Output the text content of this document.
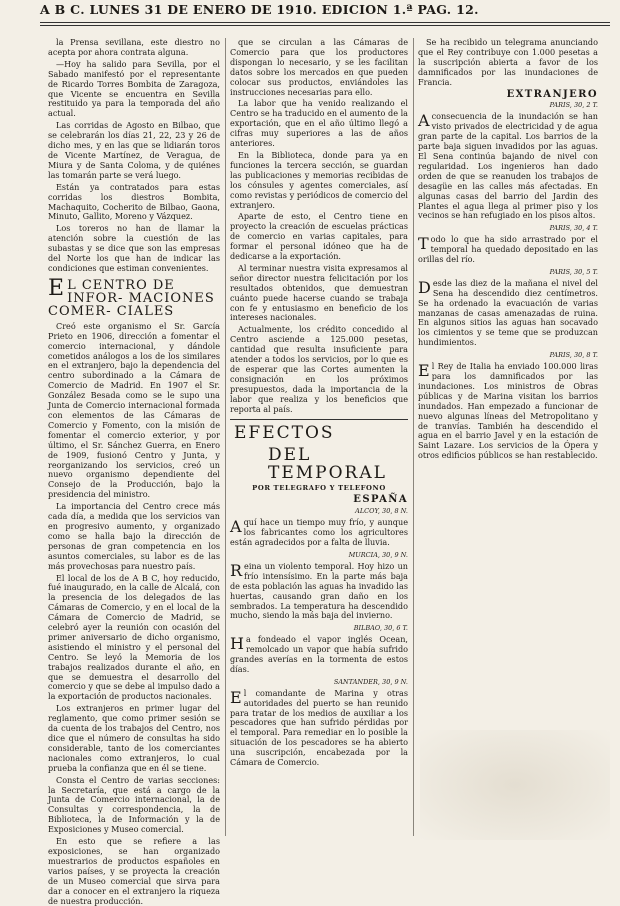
A B C. LUNES 31 DE ENERO DE 1910. EDICION 1.ª PAG. 12.

la Prensa sevillana, este diestro no acepta por ahora contrata alguna.

—Hoy ha salido para Sevilla, por el Sabado manifestó por el representante de Ricardo Torres Bombita de Zaragoza, que Vicente se encuentra en Sevilla restituido ya para la temporada del año actual.

Las corridas de Agosto en Bilbao, que se celebrarán los días 21, 22, 23 y 26 de dicho mes, y en las que se lidiarán toros de Vicente Martínez, de Veragua, de Miura y de Santa Coloma, y de quiénes las tomarán parte se verá luego.

Están ya contratados para estas corridas los diestros Bombita, Machaquito, Cocherito de Bilbao, Gaona, Minuto, Gallito, Moreno y Vázquez.

Los toreros no han de llamar la atención sobre la cuestión de las subastas y se dice que son las empresas del Norte los que han de indicar las condiciones que estiman convenientes.

E L CENTRO DE INFOR- MACIONES COMER- CIALES

Creó este organismo el Sr. García Prieto en 1906, dirección a fomentar el comercio internacional, y dándole cometidos análogos a los de los similares en el extranjero, bajo la dependencia del centro subordinado a la Cámara de Comercio de Madrid. En 1907 el Sr. González Besada como se le supo una Junta de Comercio internacional formada con elementos de las Cámaras de Comercio y Fomento, con la misión de fomentar el comercio exterior, y por último, el Sr. Sánchez Guerra, en Enero de 1909, fusionó Centro y Junta, y reorganizando los servicios, creó un nuevo organismo dependiente del Consejo de la Producción, bajo la presidencia del ministro.

La importancia del Centro crece más cada día, a medida que los servicios van en progresivo aumento, y organizado como se halla bajo la dirección de personas de gran competencia en los asuntos comerciales, su labor es de las más provechosas para nuestro país.

El local de los de A B C, hoy reducido, fué inaugurado, en la calle de Alcalá, con la presencia de los delegados de las Cámaras de Comercio, y en el local de la Cámara de Comercio de Madrid, se celebró ayer la reunión con ocasión del primer aniversario de dicho organismo, asistiendo el ministro y el personal del Centro. Se leyó la Memoria de los trabajos realizados durante el año, en que se demuestra el desarrollo del comercio y que se debe al impulso dado a la exportación de productos nacionales.

Los extranjeros en primer lugar del reglamento, que como primer sesión se da cuenta de los trabajos del Centro, nos dice que el número de consultas ha sido considerable, tanto de los comerciantes nacionales como extranjeros, lo cual prueba la confianza que en él se tiene.

Consta el Centro de varias secciones: la Secretaría, que está a cargo de la Junta de Comercio internacional, la de Consultas y correspondencia, la de Biblioteca, la de Información y la de Exposiciones y Museo comercial.

En esto que se refiere a las exposiciones, se han organizado muestrarios de productos españoles en varios países, y se proyecta la creación de un Museo comercial que sirva para dar a conocer en el extranjero la riqueza de nuestra producción.

que se circulan a las Cámaras de Comercio para que los productores dispongan lo necesario, y se les facilitan datos sobre los mercados en que pueden colocar sus productos, enviándoles las instrucciones necesarias para ello.

La labor que ha venido realizando el Centro se ha traducido en el aumento de la exportación, que en el año último llegó a cifras muy superiores a las de años anteriores.

En la Biblioteca, donde para ya en funciones la tercera sección, se guardan las publicaciones y memorias recibidas de los cónsules y agentes comerciales, así como revistas y periódicos de comercio del extranjero.

Aparte de esto, el Centro tiene en proyecto la creación de escuelas prácticas de comercio en varias capitales, para formar el personal idóneo que ha de dedicarse a la exportación.

Al terminar nuestra visita expresamos al señor director nuestra felicitación por los resultados obtenidos, que demuestran cuánto puede hacerse cuando se trabaja con fe y entusiasmo en beneficio de los intereses nacionales.

Actualmente, los crédito concedido al Centro asciende a 125.000 pesetas, cantidad que resulta insuficiente para atender a todos los servicios, por lo que es de esperar que las Cortes aumenten la consignación en los próximos presupuestos, dada la importancia de la labor que realiza y los beneficios que reporta al país.

EFECTOS
DEL TEMPORAL
POR TELEGRAFO Y TELEFONO
ESPAÑA
ALCOY, 30, 8 N.

Aquí hace un tiempo muy frío, y aunque los fabricantes como los agricultores están agradecidos por a falta de lluvia.

MURCIA, 30, 9 N.

Reina un violento temporal. Hoy hizo un frío intensísimo. En la parte más baja de esta población las aguas ha invadido las huertas, causando gran daño en los sembrados. La temperatura ha descendido mucho, siendo la más baja del invierno.

BILBAO, 30, 6 T.

Ha fondeado el vapor inglés Ocean, remolcado un vapor que había sufrido grandes averías en la tormenta de estos días.

SANTANDER, 30, 9 N.

El comandante de Marina y otras autoridades del puerto se han reunido para tratar de los medios de auxiliar a los pescadores que han sufrido pérdidas por el temporal. Para remediar en lo posible la situación de los pescadores se ha abierto una suscripción, encabezada por la Cámara de Comercio.

Se ha recibido un telegrama anunciando que el Rey contribuye con 1.000 pesetas a la suscripción abierta a favor de los damnificados por las inundaciones de Francia.

EXTRANJERO
PARIS, 30, 2 T.

A consecuencia de la inundación se han visto privados de electricidad y de agua gran parte de la capital. Los barrios de la parte baja siguen invadidos por las aguas. El Sena continúa bajando de nivel con regularidad. Los ingenieros han dado orden de que se reanuden los trabajos de desagüe en las calles más afectadas. En algunas casas del barrio del Jardin des Plantes el agua llega al primer piso y los vecinos se han refugiado en los pisos altos.

PARIS, 30, 4 T.

Todo lo que ha sido arrastrado por el temporal ha quedado depositado en las orillas del río.

PARIS, 30, 5 T.

Desde las diez de la mañana el nivel del Sena ha descendido diez centímetros. Se ha ordenado la evacuación de varias manzanas de casas amenazadas de ruina. En algunos sitios las aguas han socavado los cimientos y se teme que se produzcan hundimientos.

PARIS, 30, 8 T.

El Rey de Italia ha enviado 100.000 liras para los damnificados por las inundaciones. Los ministros de Obras públicas y de Marina visitan los barrios inundados. Han empezado a funcionar de nuevo algunas líneas del Metropolitano y de tranvías. También ha descendido el agua en el barrio Javel y en la estación de Saint Lazare. Los servicios de la Ópera y otros edificios públicos se han restablecido.
